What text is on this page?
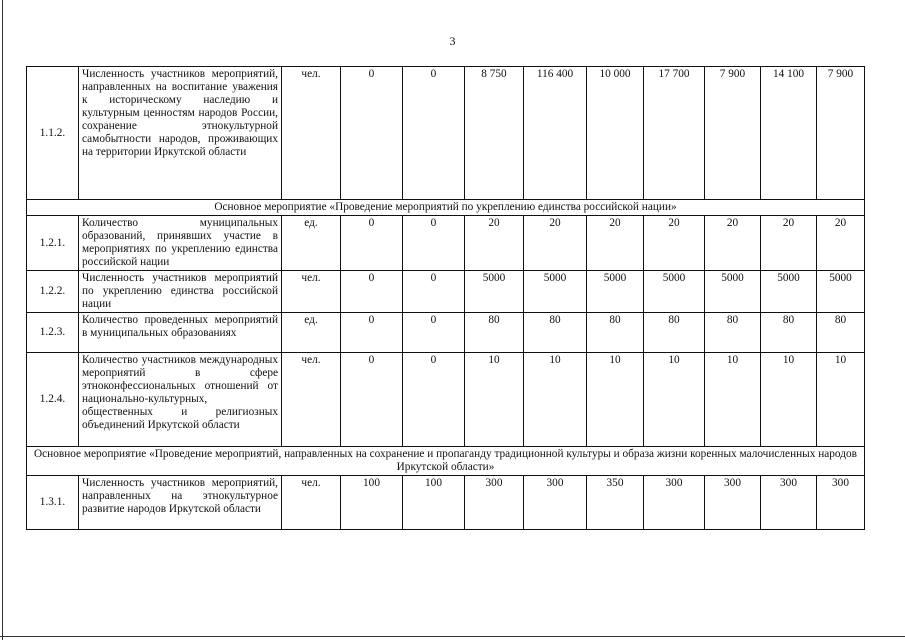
3
1.1.2.	Численность участников мероприятий, направленных на воспитание уважения к историческому наследию и культурным ценностям народов России, сохранение этнокультурной самобытности народов, проживающих на территории Иркутской области	чел.	0	0	8 750	116 400	10 000	17 700	7 900	14 100	7 900
Основное мероприятие «Проведение мероприятий по укреплению единства российской нации»											
1.2.1.	Количество муниципальных образований, принявших участие в мероприятиях по укреплению единства российской нации	ед.	0	0	20	20	20	20	20	20	20
1.2.2.	Численность участников мероприятий по укреплению единства российской нации	чел.	0	0	5000	5000	5000	5000	5000	5000	5000
1.2.3.	Количество проведенных мероприятий в муниципальных образованиях	ед.	0	0	80	80	80	80	80	80	80
1.2.4.	Количество участников международных мероприятий в сфере этноконфессиональных отношений от национально-культурных, общественных и религиозных объединений Иркутской области	чел.	0	0	10	10	10	10	10	10	10
Основное мероприятие «Проведение мероприятий, направленных на сохранение и пропаганду традиционной культуры и образа жизни коренных малочисленных народов Иркутской области»											
1.3.1.	Численность участников мероприятий, направленных на этнокультурное развитие народов Иркутской области	чел.	100	100	300	300	350	300	300	300	300
